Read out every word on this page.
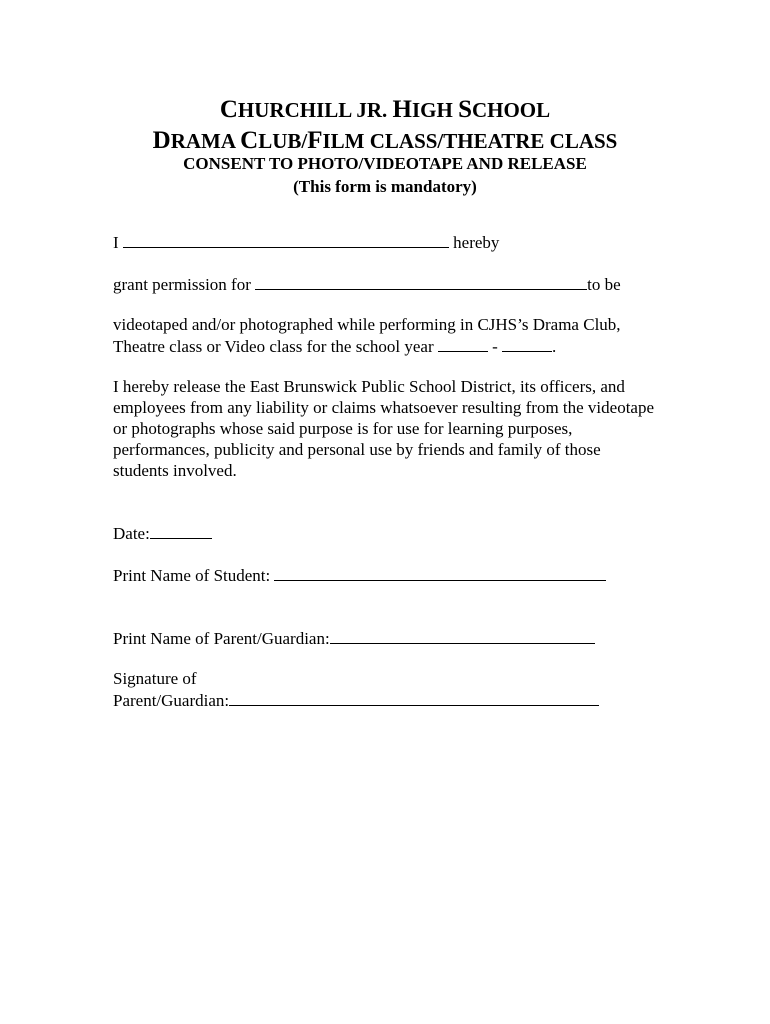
CHURCHILL JR. HIGH SCHOOL
DRAMA CLUB/FILM CLASS/THEATRE CLASS
CONSENT TO PHOTO/VIDEOTAPE AND RELEASE
(This form is mandatory)
I	hereby
grant permission for	to be
videotaped and/or photographed while performing in CJHS’s Drama Club,
Theatre class or Video class for the school year	-	.
I hereby release the East Brunswick Public School District, its officers, and employees from any liability or claims whatsoever resulting from the videotape or photographs whose said purpose is for use for learning purposes, performances, publicity and personal use by friends and family of those students involved.
Date:
Print Name of Student:
Print Name of Parent/Guardian:
Signature of
Parent/Guardian:
